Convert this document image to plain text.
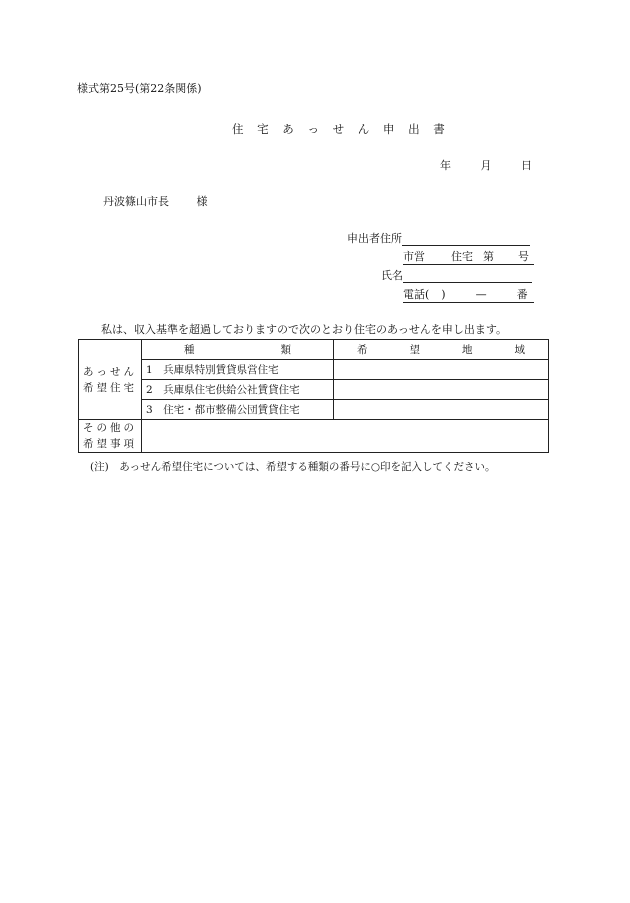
様式第25号(第22条関係)
住 宅 あ っ せ ん 申 出 書
年	月	日
丹波篠山市長	様
申出者住所
市営 住宅 第 号
氏名
電話( )	—	番
私は、収入基準を超過しておりますので次のとおり住宅のあっせんを申し出ます。
あっせん
希望住宅	種 類	希 望 地 域
	1　兵庫県特別賃貸県営住宅	
	2　兵庫県住宅供給公社賃貸住宅	
	3　住宅・都市整備公団賃貸住宅	

その他の
希望事項		

(注)　あっせん希望住宅については、希望する種類の番号に○印を記入してください。
